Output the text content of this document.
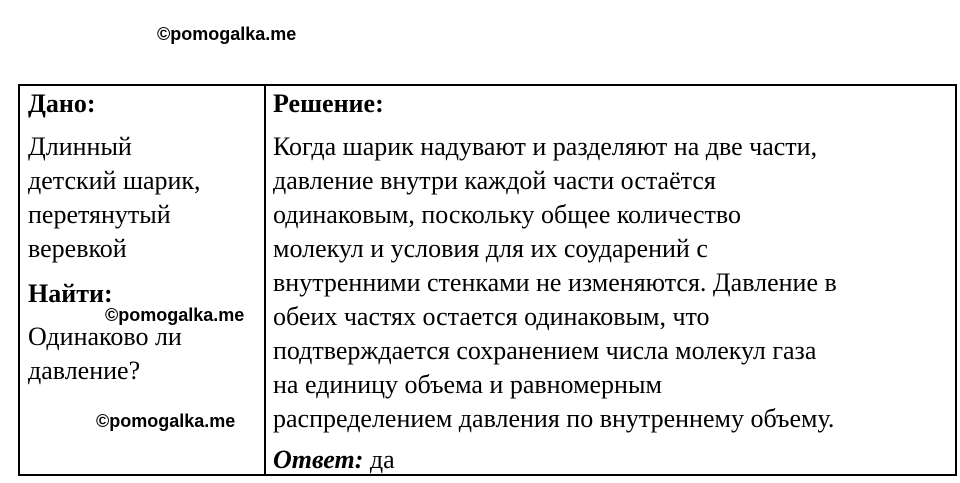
©pomogalka.me
Дано:
Длинный
детский шарик,
перетянутый
веревкой
Найти:
Одинаково ли
давление?
Решение:
Когда шарик надувают и разделяют на две части,
давление внутри каждой части остаётся
одинаковым, поскольку общее количество
молекул и условия для их соударений с
внутренними стенками не изменяются. Давление в
обеих частях остается одинаковым, что
подтверждается сохранением числа молекул газа
на единицу объема и равномерным
распределением давления по внутреннему объему.
Ответ: да
©pomogalka.me
©pomogalka.me
